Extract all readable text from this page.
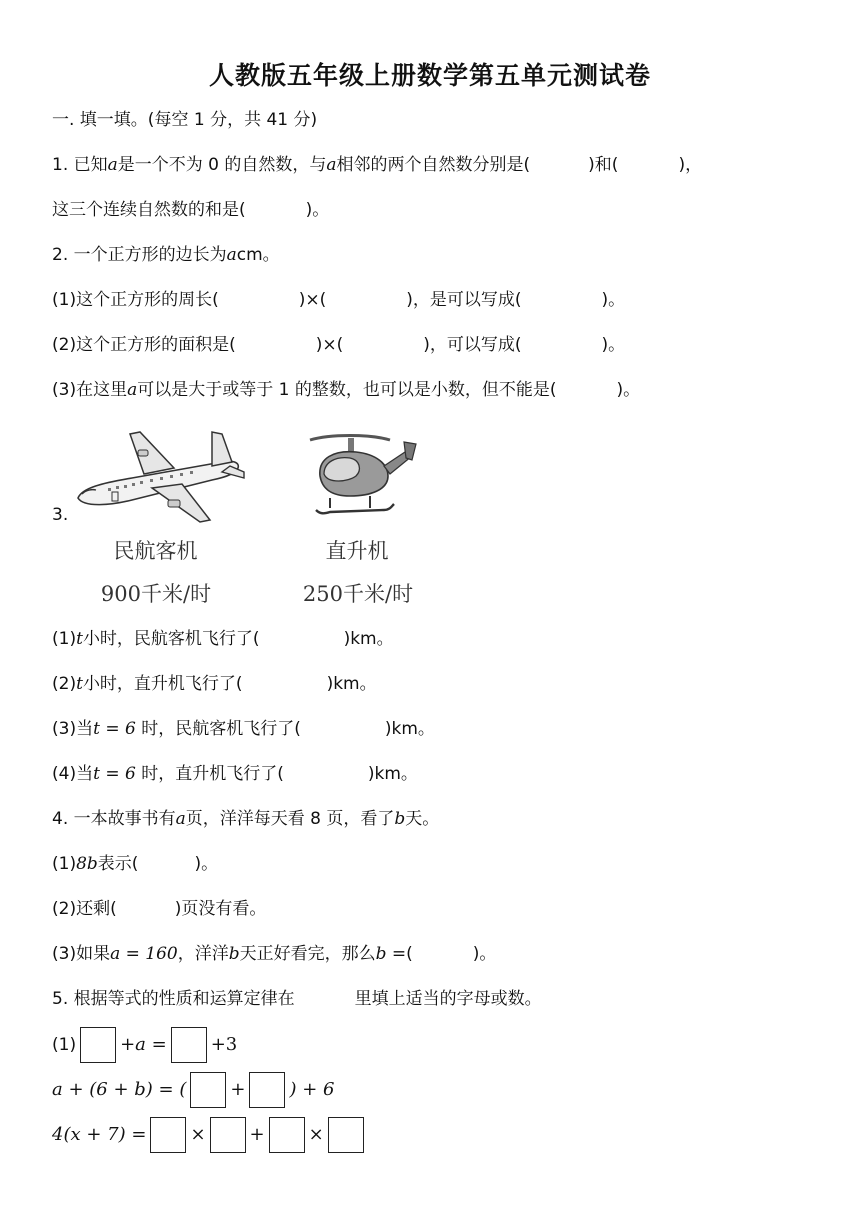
人教版五年级上册数学第五单元测试卷
一. 填一填。(每空 1 分，共 41 分)
1. 已知a是一个不为 0 的自然数，与a相邻的两个自然数分别是(	)和(	)，
这三个连续自然数的和是(	)。
2. 一个正方形的边长为acm。
(1)这个正方形的周长(	)×(	)，是可以写成(	)。
(2)这个正方形的面积是(	)×(	)，可以写成(	)。
(3)在这里a可以是大于或等于 1 的整数，也可以是小数，但不能是(	)。
3.
民航客机
900千米/时
直升机
250千米/时
(1)t小时，民航客机飞行了(	)km。
(2)t小时，直升机飞行了(	)km。
(3)当t = 6 时，民航客机飞行了(	)km。
(4)当t = 6 时，直升机飞行了(	)km。
4. 一本故事书有a页，洋洋每天看 8 页，看了b天。
(1)8b表示(	)。
(2)还剩(	)页没有看。
(3)如果a = 160，洋洋b天正好看完，那么b =(	)。
5. 根据等式的性质和运算定律在	里填上适当的字母或数。
(1) +a = +3
a + (6 + b) = ( + ) + 6
4(x + 7) = × + ×
